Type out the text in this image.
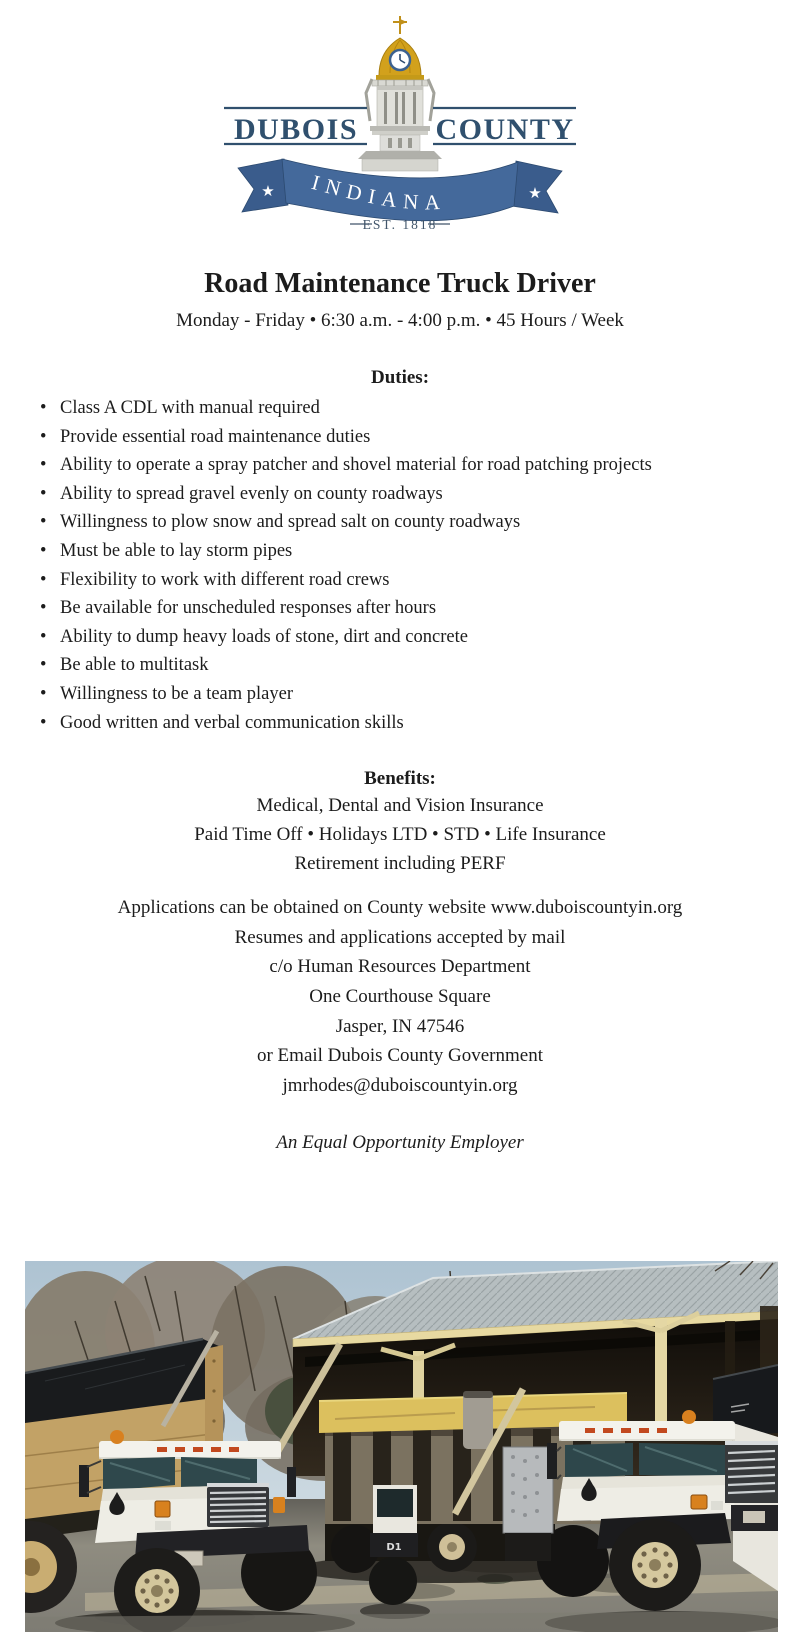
DUBOIS	COUNTY
★	★
INDIANA
EST. 1818
Road Maintenance Truck Driver

Monday - Friday • 6:30 a.m. - 4:00 p.m. • 45 Hours / Week

Duties:

• Class A CDL with manual required
• Provide essential road maintenance duties
• Ability to operate a spray patcher and shovel material for road patching projects
• Ability to spread gravel evenly on county roadways
• Willingness to plow snow and spread salt on county roadways
• Must be able to lay storm pipes
• Flexibility to work with different road crews
• Be available for unscheduled responses after hours
• Ability to dump heavy loads of stone, dirt and concrete
• Be able to multitask
• Willingness to be a team player
• Good written and verbal communication skills

Benefits:

Medical, Dental and Vision Insurance

Paid Time Off • Holidays LTD • STD • Life Insurance

Retirement including PERF

Applications can be obtained on County website www.duboiscountyin.org

Resumes and applications accepted by mail

c/o Human Resources Department

One Courthouse Square

Jasper, IN 47546

or Email Dubois County Government

jmrhodes@duboiscountyin.org

An Equal Opportunity Employer

D1
